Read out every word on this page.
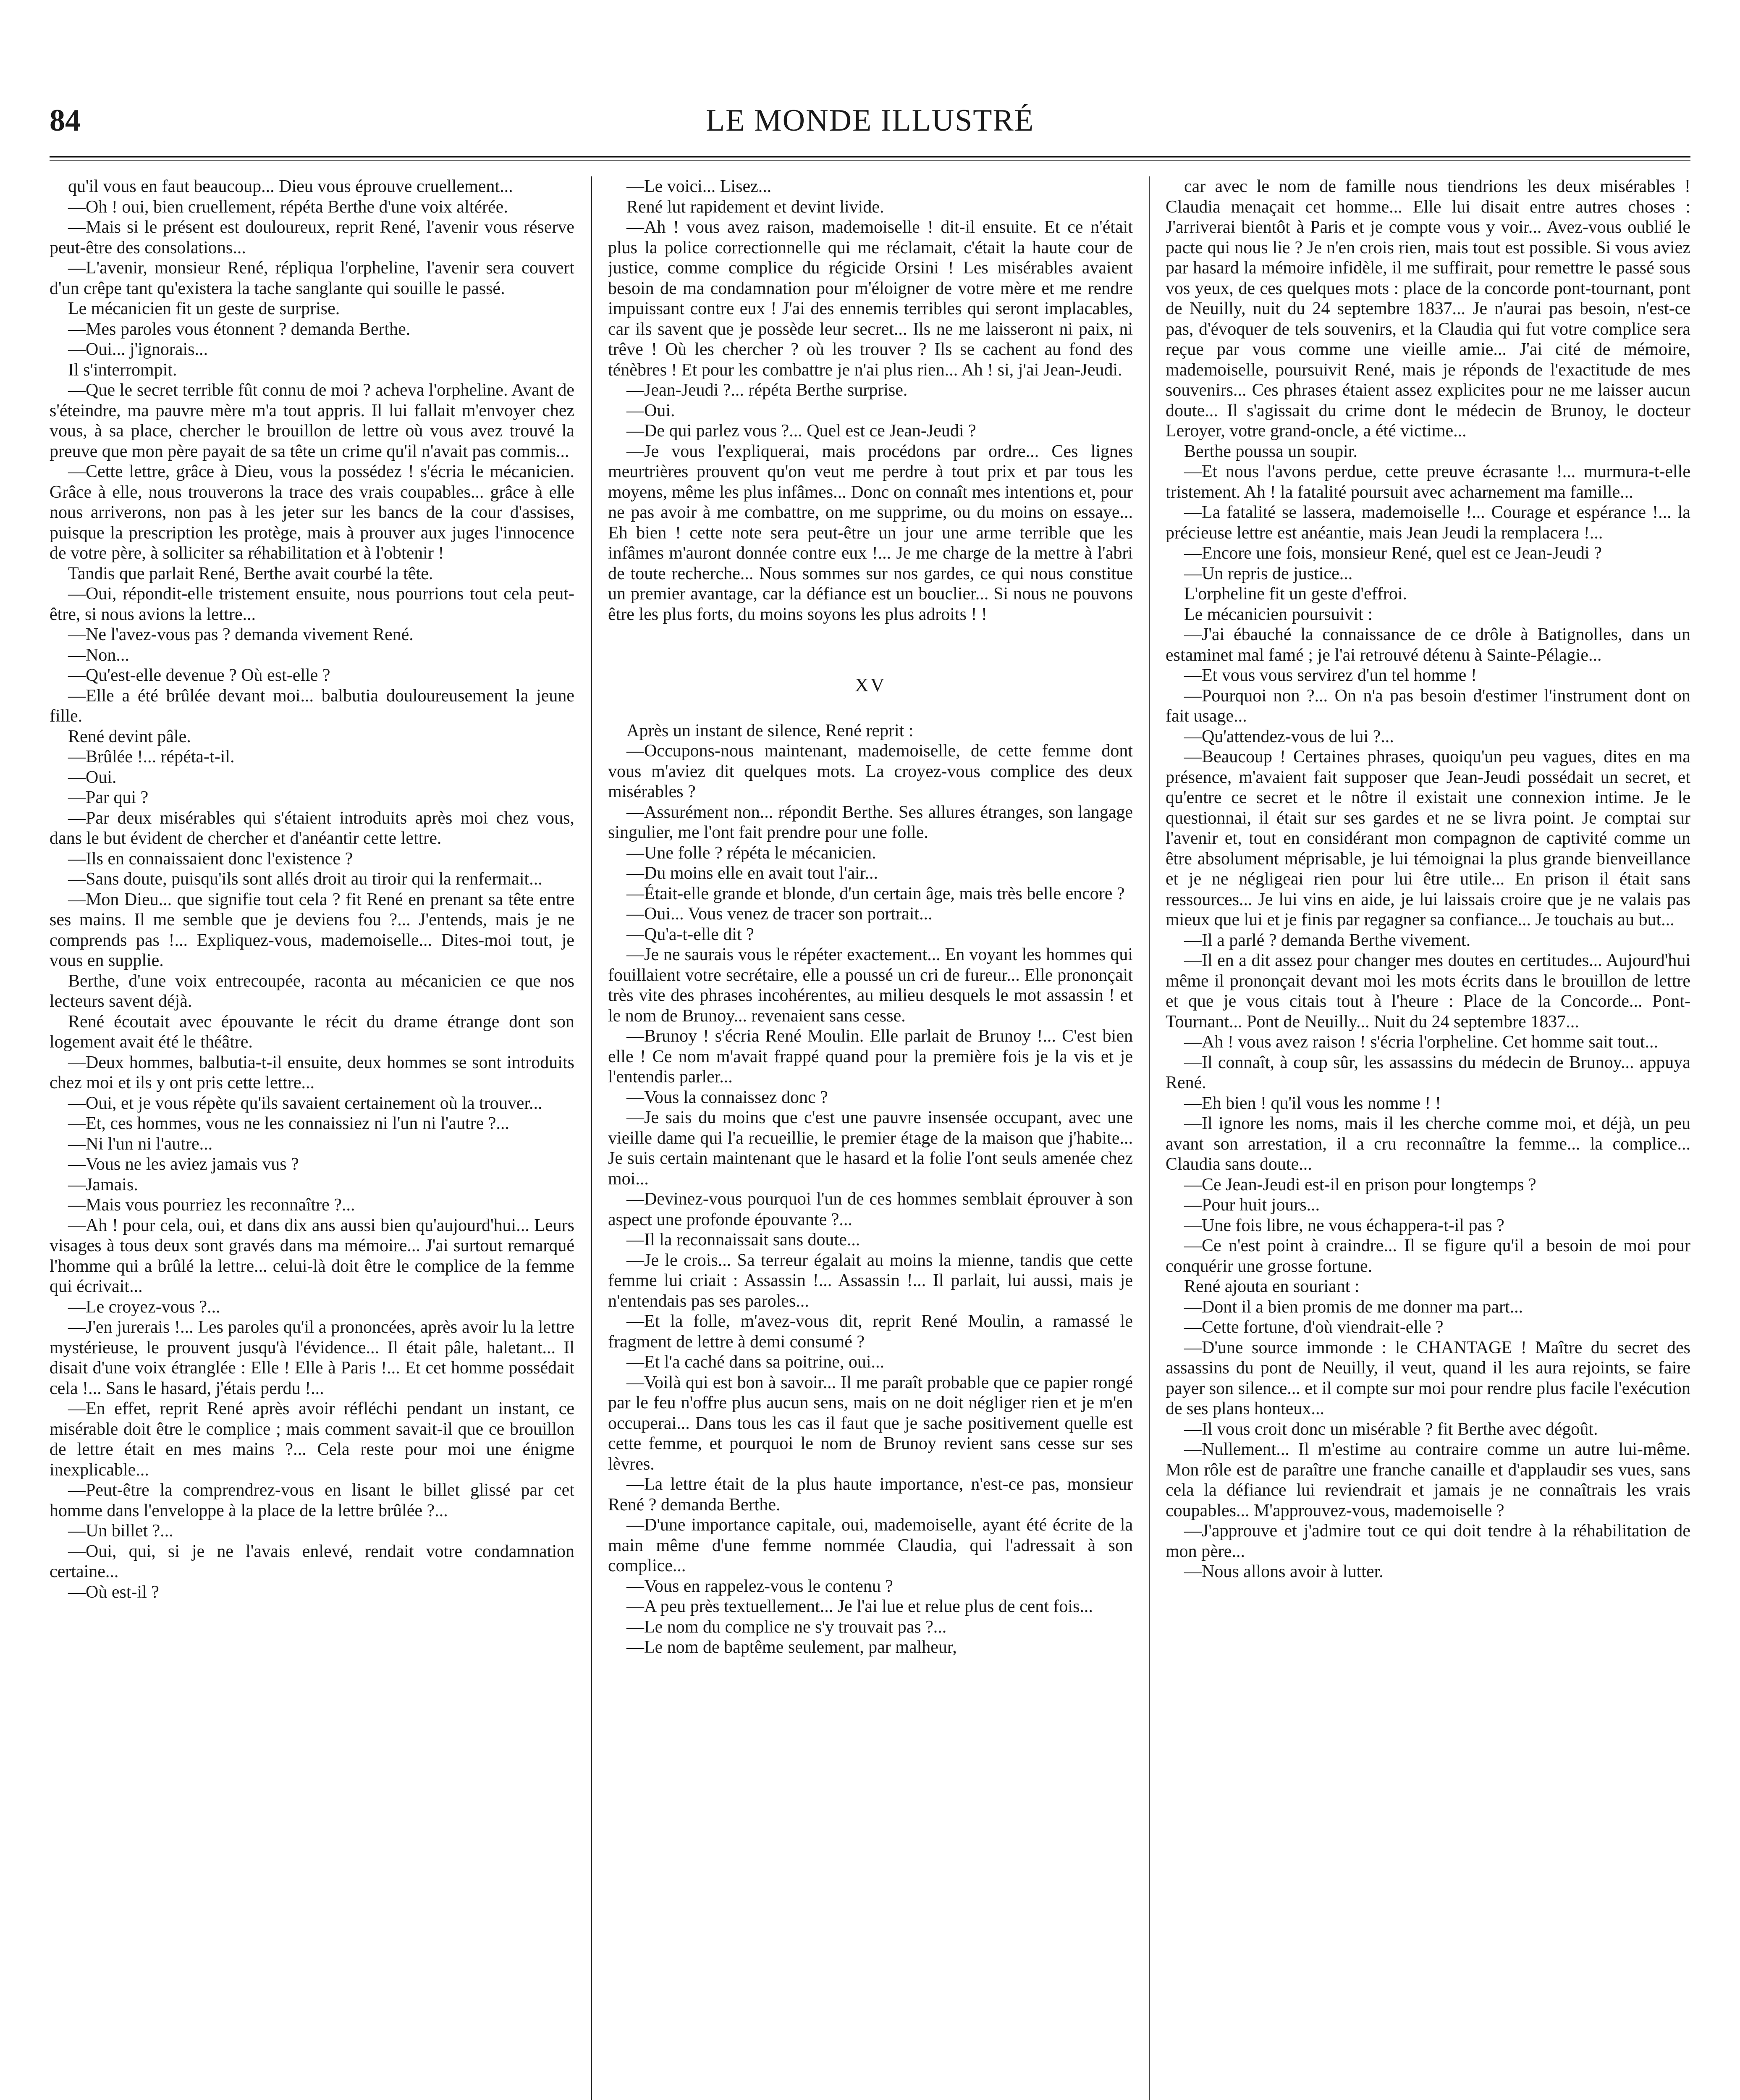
84	LE MONDE ILLUSTRÉ

qu'il vous en faut beaucoup... Dieu vous éprouve cruellement...

—Oh ! oui, bien cruellement, répéta Berthe d'une voix altérée.

—Mais si le présent est douloureux, reprit René, l'avenir vous réserve peut-être des consolations...

—L'avenir, monsieur René, répliqua l'orpheline, l'avenir sera couvert d'un crêpe tant qu'existera la tache sanglante qui souille le passé.

Le mécanicien fit un geste de surprise.

—Mes paroles vous étonnent ? demanda Berthe.

—Oui... j'ignorais...

Il s'interrompit.

—Que le secret terrible fût connu de moi ? acheva l'orpheline. Avant de s'éteindre, ma pauvre mère m'a tout appris. Il lui fallait m'envoyer chez vous, à sa place, chercher le brouillon de lettre où vous avez trouvé la preuve que mon père payait de sa tête un crime qu'il n'avait pas commis...

—Cette lettre, grâce à Dieu, vous la possédez ! s'écria le mécanicien. Grâce à elle, nous trouverons la trace des vrais coupables... grâce à elle nous arriverons, non pas à les jeter sur les bancs de la cour d'assises, puisque la prescription les protège, mais à prouver aux juges l'innocence de votre père, à solliciter sa réhabilitation et à l'obtenir !

Tandis que parlait René, Berthe avait courbé la tête.

—Oui, répondit-elle tristement ensuite, nous pourrions tout cela peut-être, si nous avions la lettre...

—Ne l'avez-vous pas ? demanda vivement René.

—Non...

—Qu'est-elle devenue ? Où est-elle ?

—Elle a été brûlée devant moi... balbutia douloureusement la jeune fille.

René devint pâle.

—Brûlée !... répéta-t-il.

—Oui.

—Par qui ?

—Par deux misérables qui s'étaient introduits après moi chez vous, dans le but évident de chercher et d'anéantir cette lettre.

—Ils en connaissaient donc l'existence ?

—Sans doute, puisqu'ils sont allés droit au tiroir qui la renfermait...

—Mon Dieu... que signifie tout cela ? fit René en prenant sa tête entre ses mains. Il me semble que je deviens fou ?... J'entends, mais je ne comprends pas !... Expliquez-vous, mademoiselle... Dites-moi tout, je vous en supplie.

Berthe, d'une voix entrecoupée, raconta au mécanicien ce que nos lecteurs savent déjà.

René écoutait avec épouvante le récit du drame étrange dont son logement avait été le théâtre.

—Deux hommes, balbutia-t-il ensuite, deux hommes se sont introduits chez moi et ils y ont pris cette lettre...

—Oui, et je vous répète qu'ils savaient certainement où la trouver...

—Et, ces hommes, vous ne les connaissiez ni l'un ni l'autre ?...

—Ni l'un ni l'autre...

—Vous ne les aviez jamais vus ?

—Jamais.

—Mais vous pourriez les reconnaître ?...

—Ah ! pour cela, oui, et dans dix ans aussi bien qu'aujourd'hui... Leurs visages à tous deux sont gravés dans ma mémoire... J'ai surtout remarqué l'homme qui a brûlé la lettre... celui-là doit être le complice de la femme qui écrivait...

—Le croyez-vous ?...

—J'en jurerais !... Les paroles qu'il a prononcées, après avoir lu la lettre mystérieuse, le prouvent jusqu'à l'évidence... Il était pâle, haletant... Il disait d'une voix étranglée : Elle ! Elle à Paris !... Et cet homme possédait cela !... Sans le hasard, j'étais perdu !...

—En effet, reprit René après avoir réfléchi pendant un instant, ce misérable doit être le complice ; mais comment savait-il que ce brouillon de lettre était en mes mains ?... Cela reste pour moi une énigme inexplicable...

—Peut-être la comprendrez-vous en lisant le billet glissé par cet homme dans l'enveloppe à la place de la lettre brûlée ?...

—Un billet ?...

—Oui, qui, si je ne l'avais enlevé, rendait votre condamnation certaine...

—Où est-il ?

—Le voici... Lisez...

René lut rapidement et devint livide.

—Ah ! vous avez raison, mademoiselle ! dit-il ensuite. Et ce n'était plus la police correctionnelle qui me réclamait, c'était la haute cour de justice, comme complice du régicide Orsini ! Les misérables avaient besoin de ma condamnation pour m'éloigner de votre mère et me rendre impuissant contre eux ! J'ai des ennemis terribles qui seront implacables, car ils savent que je possède leur secret... Ils ne me laisseront ni paix, ni trêve ! Où les chercher ? où les trouver ? Ils se cachent au fond des ténèbres ! Et pour les combattre je n'ai plus rien... Ah ! si, j'ai Jean-Jeudi.

—Jean-Jeudi ?... répéta Berthe surprise.

—Oui.

—De qui parlez vous ?... Quel est ce Jean-Jeudi ?

—Je vous l'expliquerai, mais procédons par ordre... Ces lignes meurtrières prouvent qu'on veut me perdre à tout prix et par tous les moyens, même les plus infâmes... Donc on connaît mes intentions et, pour ne pas avoir à me combattre, on me supprime, ou du moins on essaye... Eh bien ! cette note sera peut-être un jour une arme terrible que les infâmes m'auront donnée contre eux !... Je me charge de la mettre à l'abri de toute recherche... Nous sommes sur nos gardes, ce qui nous constitue un premier avantage, car la défiance est un bouclier... Si nous ne pouvons être les plus forts, du moins soyons les plus adroits ! !

XV

Après un instant de silence, René reprit :

—Occupons-nous maintenant, mademoiselle, de cette femme dont vous m'aviez dit quelques mots. La croyez-vous complice des deux misérables ?

—Assurément non... répondit Berthe. Ses allures étranges, son langage singulier, me l'ont fait prendre pour une folle.

—Une folle ? répéta le mécanicien.

—Du moins elle en avait tout l'air...

—Était-elle grande et blonde, d'un certain âge, mais très belle encore ?

—Oui... Vous venez de tracer son portrait...

—Qu'a-t-elle dit ?

—Je ne saurais vous le répéter exactement... En voyant les hommes qui fouillaient votre secrétaire, elle a poussé un cri de fureur... Elle prononçait très vite des phrases incohérentes, au milieu desquels le mot assassin ! et le nom de Brunoy... revenaient sans cesse.

—Brunoy ! s'écria René Moulin. Elle parlait de Brunoy !... C'est bien elle ! Ce nom m'avait frappé quand pour la première fois je la vis et je l'entendis parler...

—Vous la connaissez donc ?

—Je sais du moins que c'est une pauvre insensée occupant, avec une vieille dame qui l'a recueillie, le premier étage de la maison que j'habite... Je suis certain maintenant que le hasard et la folie l'ont seuls amenée chez moi...

—Devinez-vous pourquoi l'un de ces hommes semblait éprouver à son aspect une profonde épouvante ?...

—Il la reconnaissait sans doute...

—Je le crois... Sa terreur égalait au moins la mienne, tandis que cette femme lui criait : Assassin !... Assassin !... Il parlait, lui aussi, mais je n'entendais pas ses paroles...

—Et la folle, m'avez-vous dit, reprit René Moulin, a ramassé le fragment de lettre à demi consumé ?

—Et l'a caché dans sa poitrine, oui...

—Voilà qui est bon à savoir... Il me paraît probable que ce papier rongé par le feu n'offre plus aucun sens, mais on ne doit négliger rien et je m'en occuperai... Dans tous les cas il faut que je sache positivement quelle est cette femme, et pourquoi le nom de Brunoy revient sans cesse sur ses lèvres.

—La lettre était de la plus haute importance, n'est-ce pas, monsieur René ? demanda Berthe.

—D'une importance capitale, oui, mademoiselle, ayant été écrite de la main même d'une femme nommée Claudia, qui l'adressait à son complice...

—Vous en rappelez-vous le contenu ?

—A peu près textuellement... Je l'ai lue et relue plus de cent fois...

—Le nom du complice ne s'y trouvait pas ?...

—Le nom de baptême seulement, par malheur,

car avec le nom de famille nous tiendrions les deux misérables ! Claudia menaçait cet homme... Elle lui disait entre autres choses : J'arriverai bientôt à Paris et je compte vous y voir... Avez-vous oublié le pacte qui nous lie ? Je n'en crois rien, mais tout est possible. Si vous aviez par hasard la mémoire infidèle, il me suffirait, pour remettre le passé sous vos yeux, de ces quelques mots : place de la concorde pont-tournant, pont de Neuilly, nuit du 24 septembre 1837... Je n'aurai pas besoin, n'est-ce pas, d'évoquer de tels souvenirs, et la Claudia qui fut votre complice sera reçue par vous comme une vieille amie... J'ai cité de mémoire, mademoiselle, poursuivit René, mais je réponds de l'exactitude de mes souvenirs... Ces phrases étaient assez explicites pour ne me laisser aucun doute... Il s'agissait du crime dont le médecin de Brunoy, le docteur Leroyer, votre grand-oncle, a été victime...

Berthe poussa un soupir.

—Et nous l'avons perdue, cette preuve écrasante !... murmura-t-elle tristement. Ah ! la fatalité poursuit avec acharnement ma famille...

—La fatalité se lassera, mademoiselle !... Courage et espérance !... la précieuse lettre est anéantie, mais Jean Jeudi la remplacera !...

—Encore une fois, monsieur René, quel est ce Jean-Jeudi ?

—Un repris de justice...

L'orpheline fit un geste d'effroi.

Le mécanicien poursuivit :

—J'ai ébauché la connaissance de ce drôle à Batignolles, dans un estaminet mal famé ; je l'ai retrouvé détenu à Sainte-Pélagie...

—Et vous vous servirez d'un tel homme !

—Pourquoi non ?... On n'a pas besoin d'estimer l'instrument dont on fait usage...

—Qu'attendez-vous de lui ?...

—Beaucoup ! Certaines phrases, quoiqu'un peu vagues, dites en ma présence, m'avaient fait supposer que Jean-Jeudi possédait un secret, et qu'entre ce secret et le nôtre il existait une connexion intime. Je le questionnai, il était sur ses gardes et ne se livra point. Je comptai sur l'avenir et, tout en considérant mon compagnon de captivité comme un être absolument méprisable, je lui témoignai la plus grande bienveillance et je ne négligeai rien pour lui être utile... En prison il était sans ressources... Je lui vins en aide, je lui laissais croire que je ne valais pas mieux que lui et je finis par regagner sa confiance... Je touchais au but...

—Il a parlé ? demanda Berthe vivement.

—Il en a dit assez pour changer mes doutes en certitudes... Aujourd'hui même il prononçait devant moi les mots écrits dans le brouillon de lettre et que je vous citais tout à l'heure : Place de la Concorde... Pont-Tournant... Pont de Neuilly... Nuit du 24 septembre 1837...

—Ah ! vous avez raison ! s'écria l'orpheline. Cet homme sait tout...

—Il connaît, à coup sûr, les assassins du médecin de Brunoy... appuya René.

—Eh bien ! qu'il vous les nomme ! !

—Il ignore les noms, mais il les cherche comme moi, et déjà, un peu avant son arrestation, il a cru reconnaître la femme... la complice... Claudia sans doute...

—Ce Jean-Jeudi est-il en prison pour longtemps ?

—Pour huit jours...

—Une fois libre, ne vous échappera-t-il pas ?

—Ce n'est point à craindre... Il se figure qu'il a besoin de moi pour conquérir une grosse fortune.

René ajouta en souriant :

—Dont il a bien promis de me donner ma part...

—Cette fortune, d'où viendrait-elle ?

—D'une source immonde : le CHANTAGE ! Maître du secret des assassins du pont de Neuilly, il veut, quand il les aura rejoints, se faire payer son silence... et il compte sur moi pour rendre plus facile l'exécution de ses plans honteux...

—Il vous croit donc un misérable ? fit Berthe avec dégoût.

—Nullement... Il m'estime au contraire comme un autre lui-même. Mon rôle est de paraître une franche canaille et d'applaudir ses vues, sans cela la défiance lui reviendrait et jamais je ne connaîtrais les vrais coupables... M'approuvez-vous, mademoiselle ?

—J'approuve et j'admire tout ce qui doit tendre à la réhabilitation de mon père...

—Nous allons avoir à lutter.
